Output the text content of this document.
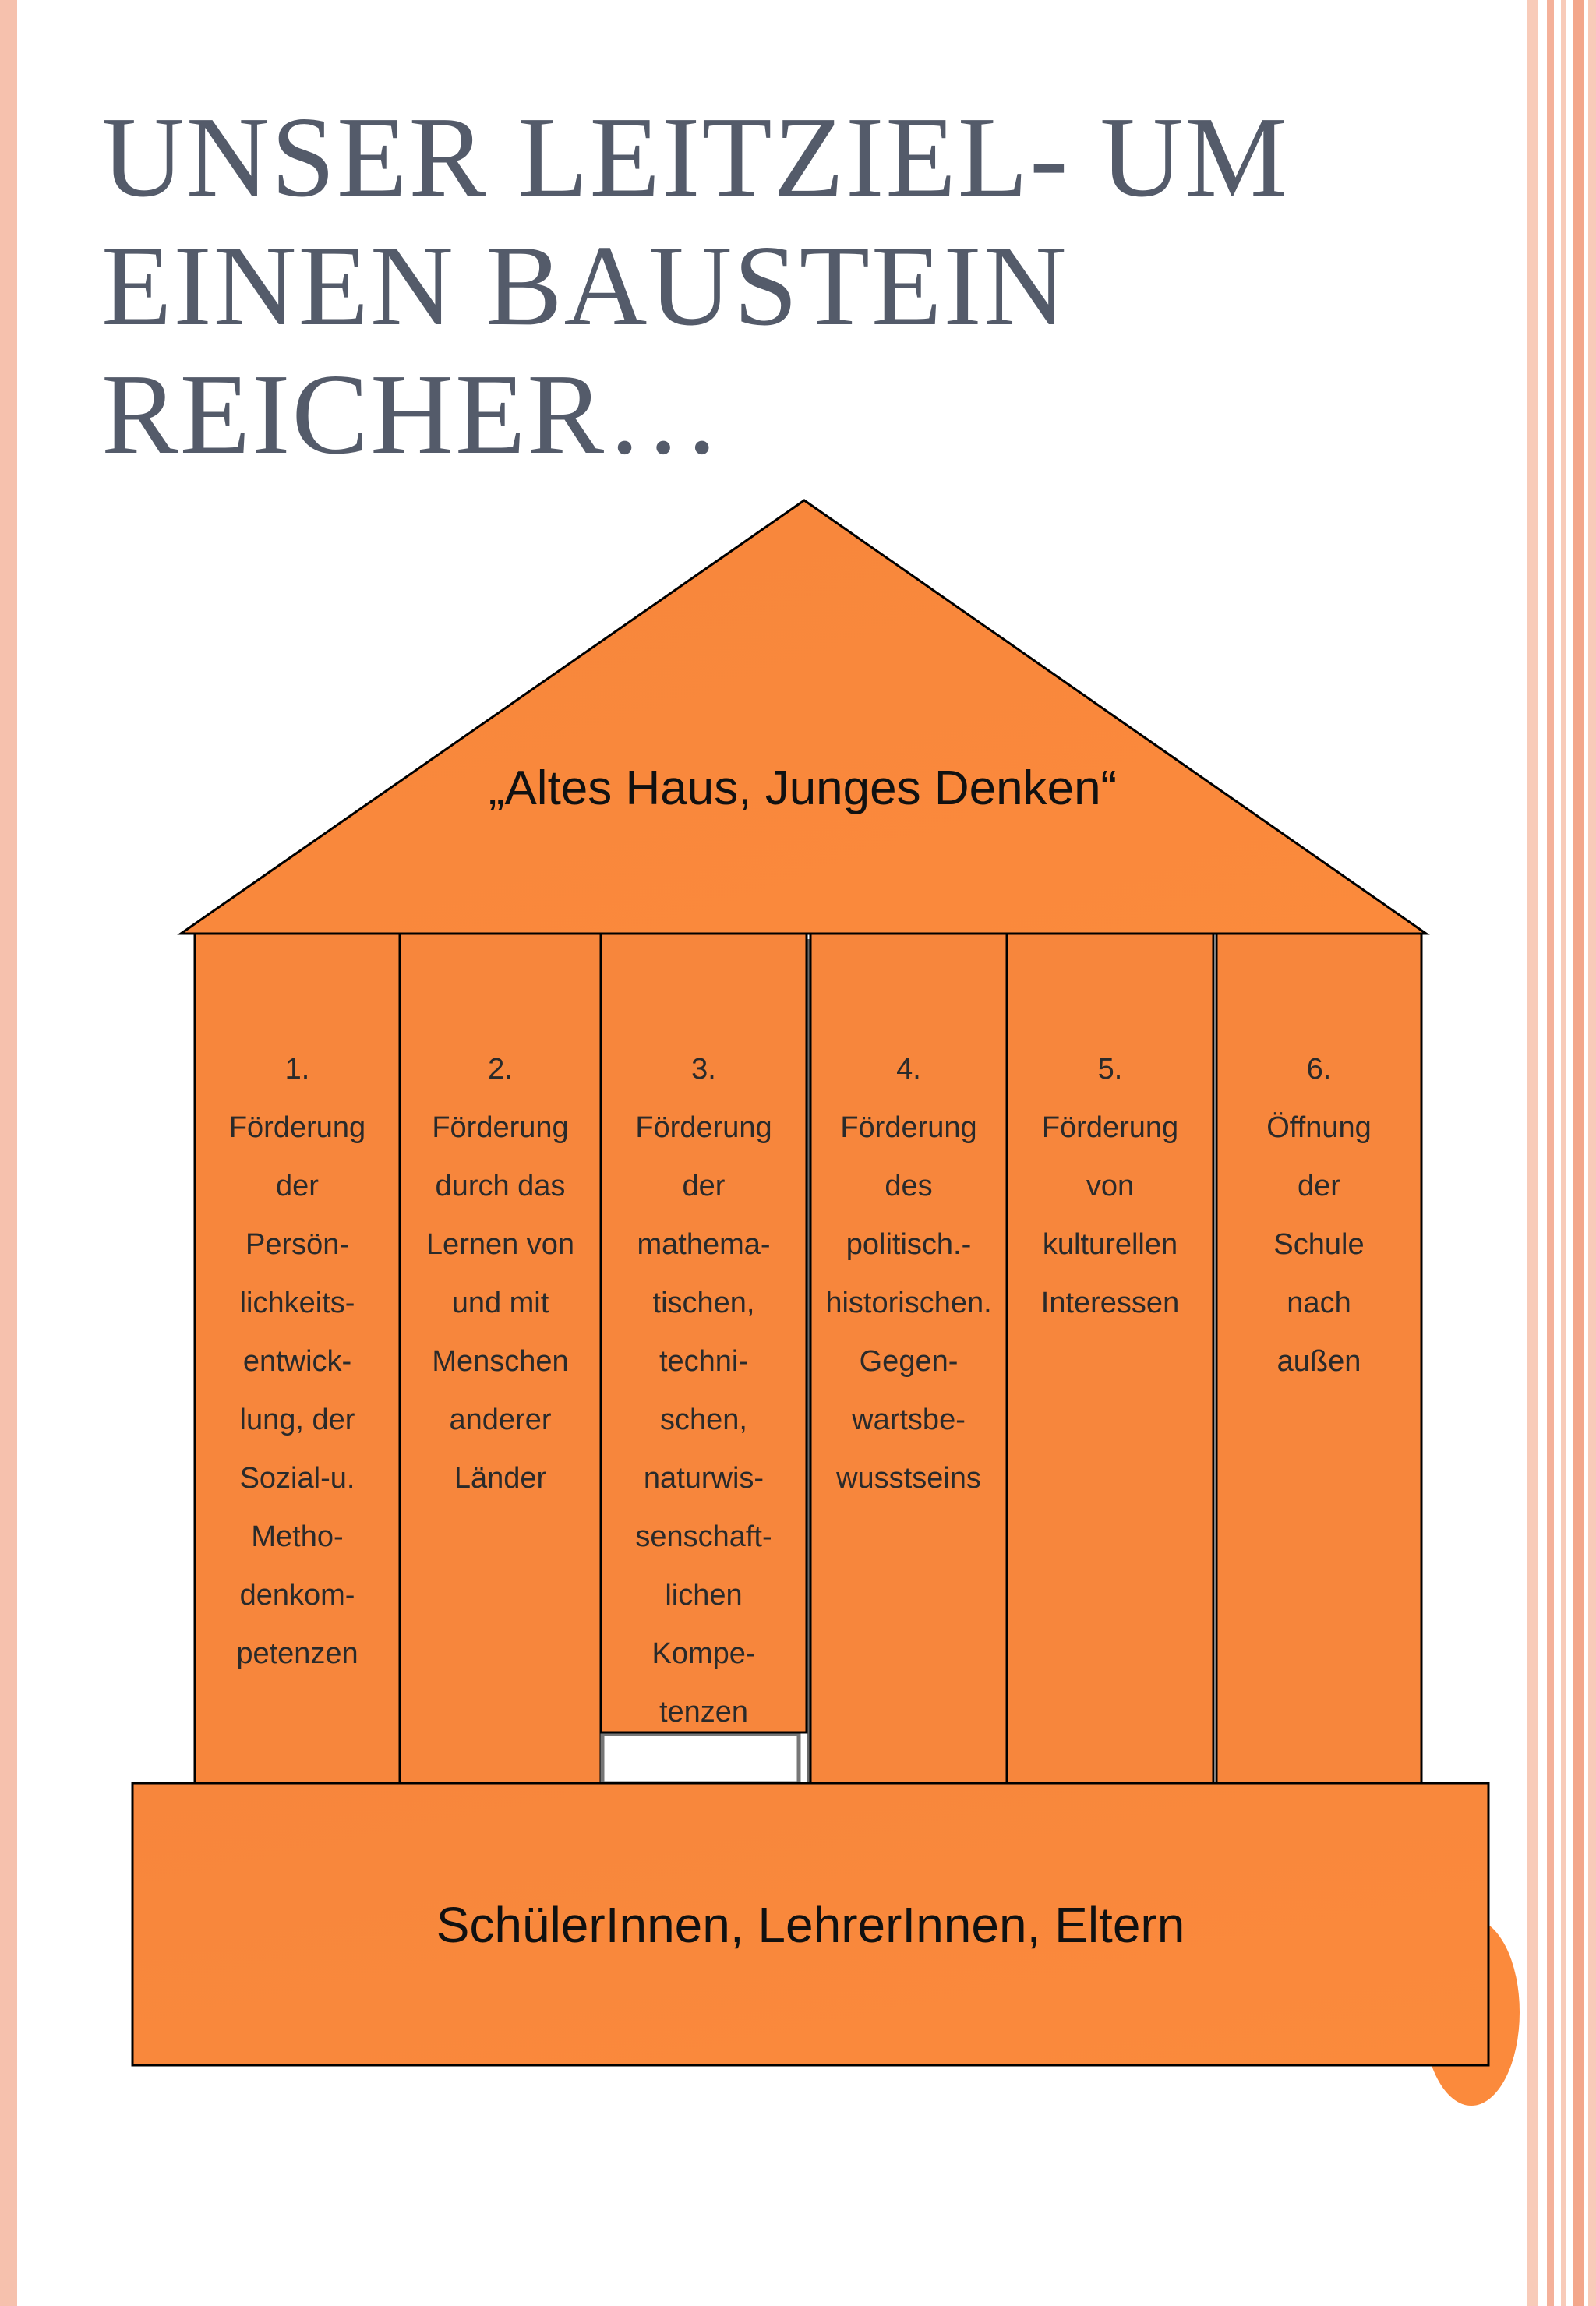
UNSER LEITZIEL- UM
EINEN BAUSTEIN
REICHER…
„Altes Haus, Junges Denken“
1.
Förderung
der
Persön-
lichkeits-
entwick-
lung, der
Sozial-u.
Metho-
denkom-
petenzen
2.
Förderung
durch das
Lernen von
und mit
Menschen
anderer
Länder
3.
Förderung
der
mathema-
tischen,
techni-
schen,
naturwis-
senschaft-
lichen
Kompe-
tenzen
4.
Förderung
des
politisch.-
historischen.
Gegen-
wartsbe-
wusstseins
5.
Förderung
von
kulturellen
Interessen
6.
Öffnung
der
Schule
nach
außen
SchülerInnen, LehrerInnen, Eltern
